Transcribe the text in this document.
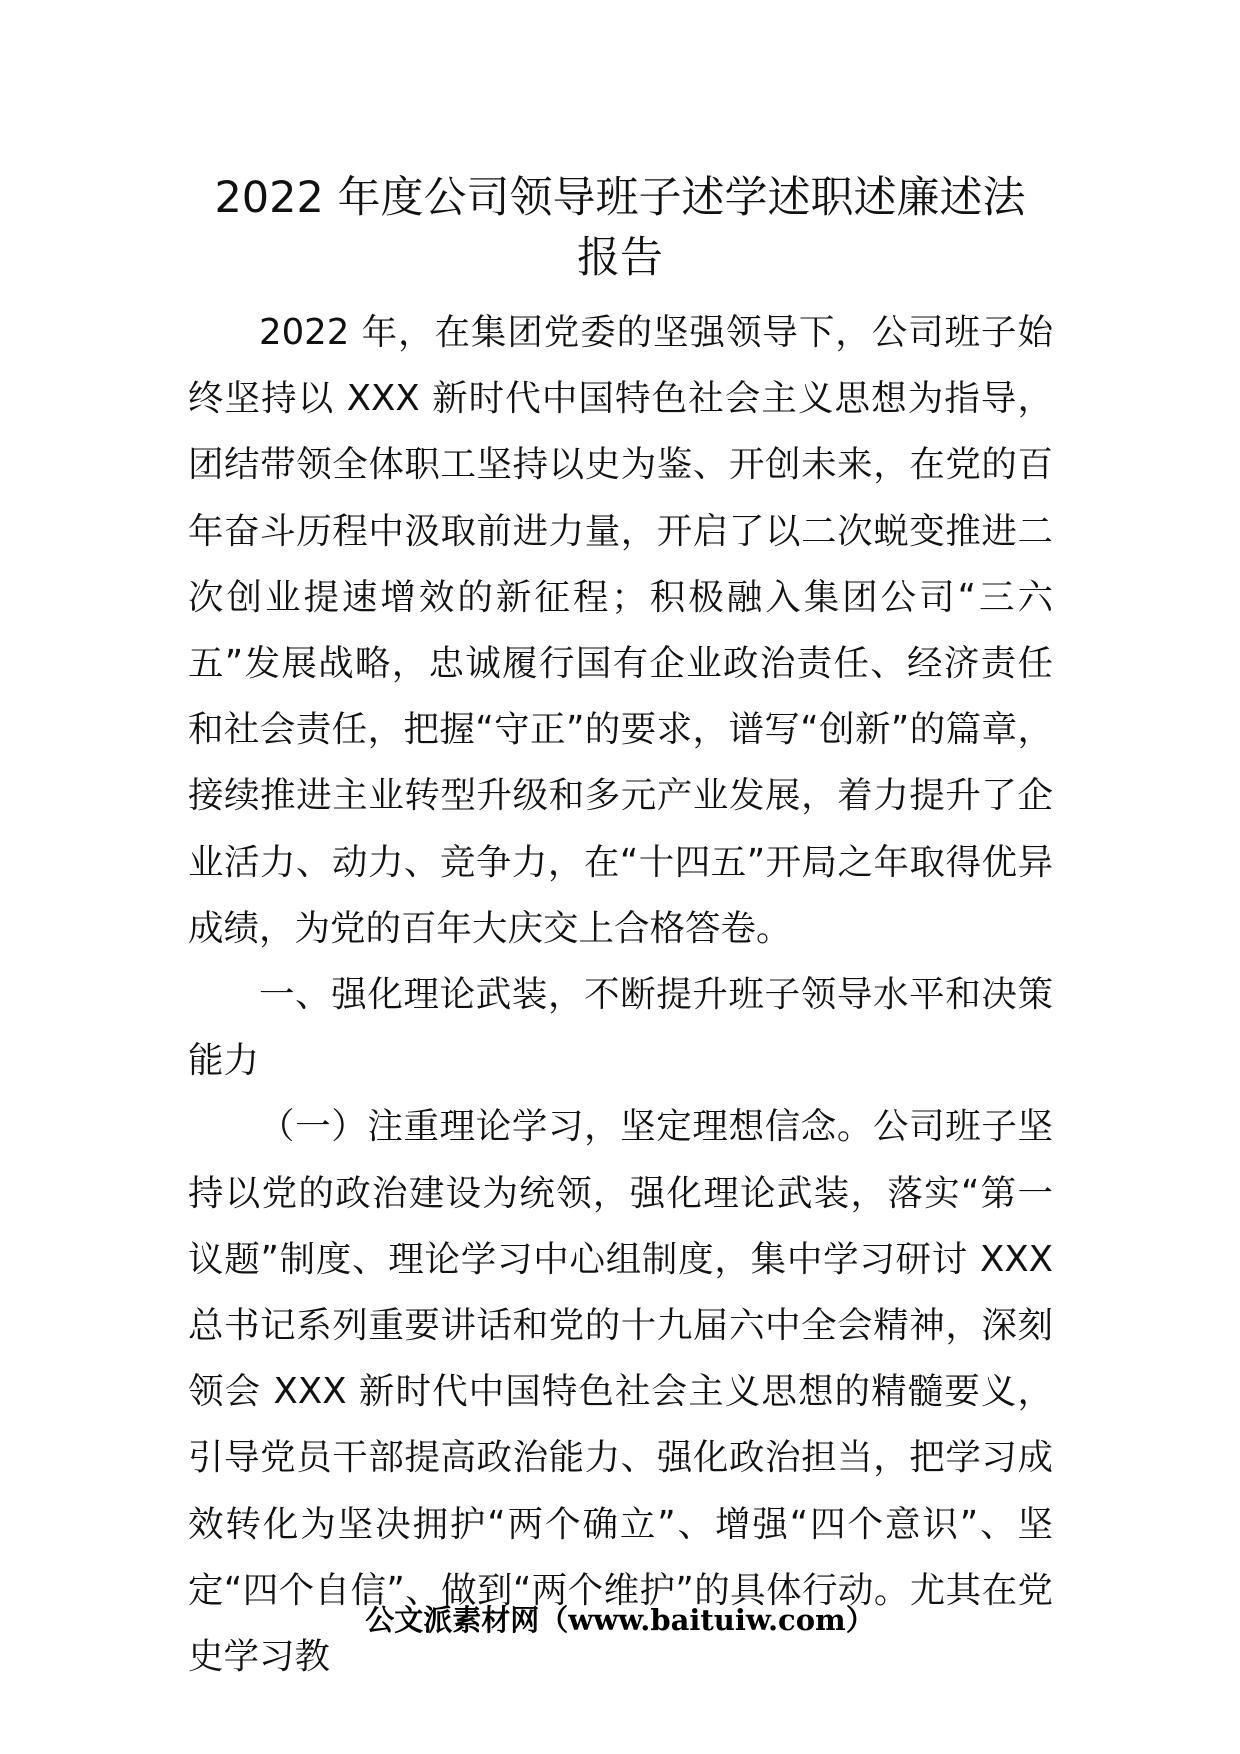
2022 年度公司领导班子述学述职述廉述法
报告

2022 年，在集团党委的坚强领导下，公司班子始终坚持以 XXX 新时代中国特色社会主义思想为指导，团结带领全体职工坚持以史为鉴、开创未来，在党的百年奋斗历程中汲取前进力量，开启了以二次蜕变推进二次创业提速增效的新征程；积极融入集团公司“三六五”发展战略，忠诚履行国有企业政治责任、经济责任和社会责任，把握“守正”的要求，谱写“创新”的篇章，接续推进主业转型升级和多元产业发展，着力提升了企业活力、动力、竞争力，在“十四五”开局之年取得优异成绩，为党的百年大庆交上合格答卷。

一、强化理论武装，不断提升班子领导水平和决策能力

（一）注重理论学习，坚定理想信念。公司班子坚持以党的政治建设为统领，强化理论武装，落实“第一议题”制度、理论学习中心组制度，集中学习研讨 XXX 总书记系列重要讲话和党的十九届六中全会精神，深刻领会 XXX 新时代中国特色社会主义思想的精髓要义，引导党员干部提高政治能力、强化政治担当，把学习成效转化为坚决拥护“两个确立”、增强“四个意识”、坚定“四个自信”、做到“两个维护”的具体行动。尤其在党史学习教

公文派素材网（www.baituiw.com）
